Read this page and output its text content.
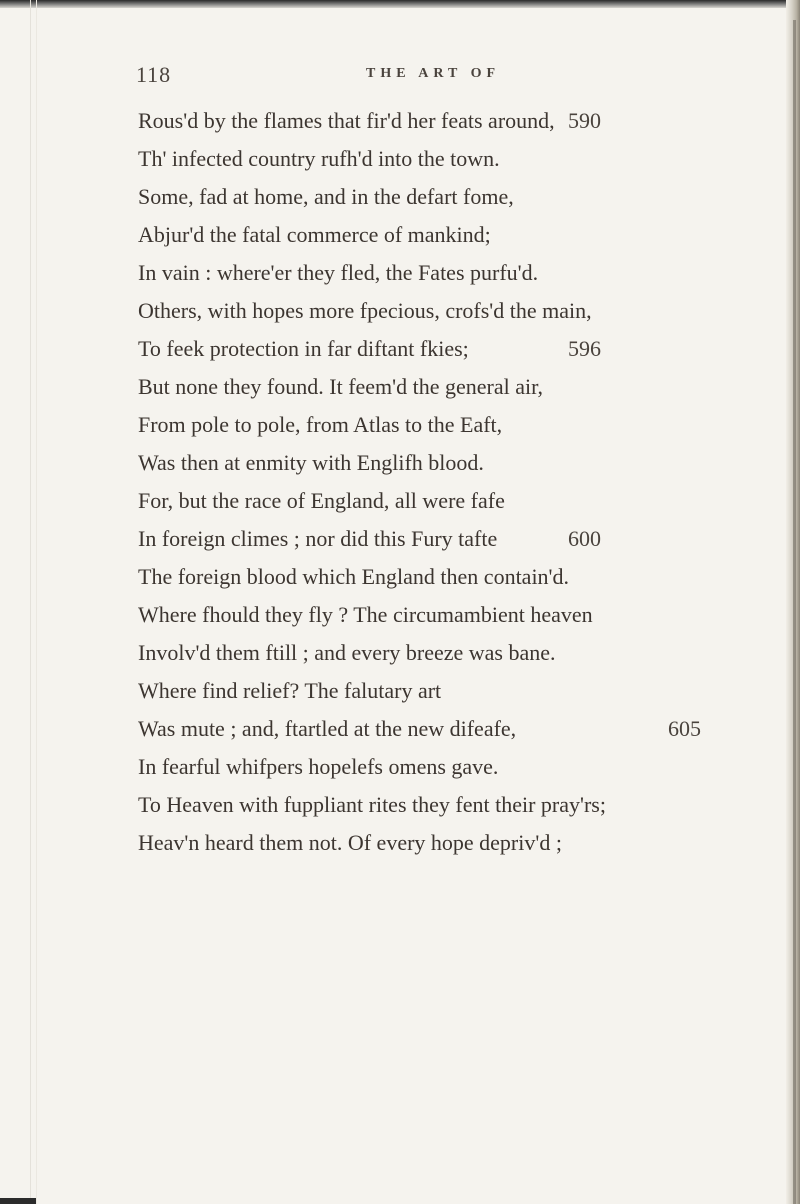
118	THE ART OF
Rous'd by the flames that fir'd her feats around, 590
Th' infected country rufh'd into the town.
Some, fad at home, and in the defart fome,
Abjur'd the fatal commerce of mankind;
In vain : where'er they fled, the Fates purfu'd.
Others, with hopes more fpecious, crofs'd the main,
To feek protection in far diftant fkies;	596
But none they found. It feem'd the general air,
From pole to pole, from Atlas to the Eaft,
Was then at enmity with Englifh blood.
For, but the race of England, all were fafe
In foreign climes ; nor did this Fury tafte	600
The foreign blood which England then contain'd.
Where fhould they fly ? The circumambient heaven
Involv'd them ftill ; and every breeze was bane.
Where find relief? The falutary art
Was mute ; and, ftartled at the new difeafe,	605
In fearful whifpers hopelefs omens gave.
To Heaven with fuppliant rites they fent their pray'rs;
Heav'n heard them not. Of every hope depriv'd ;
